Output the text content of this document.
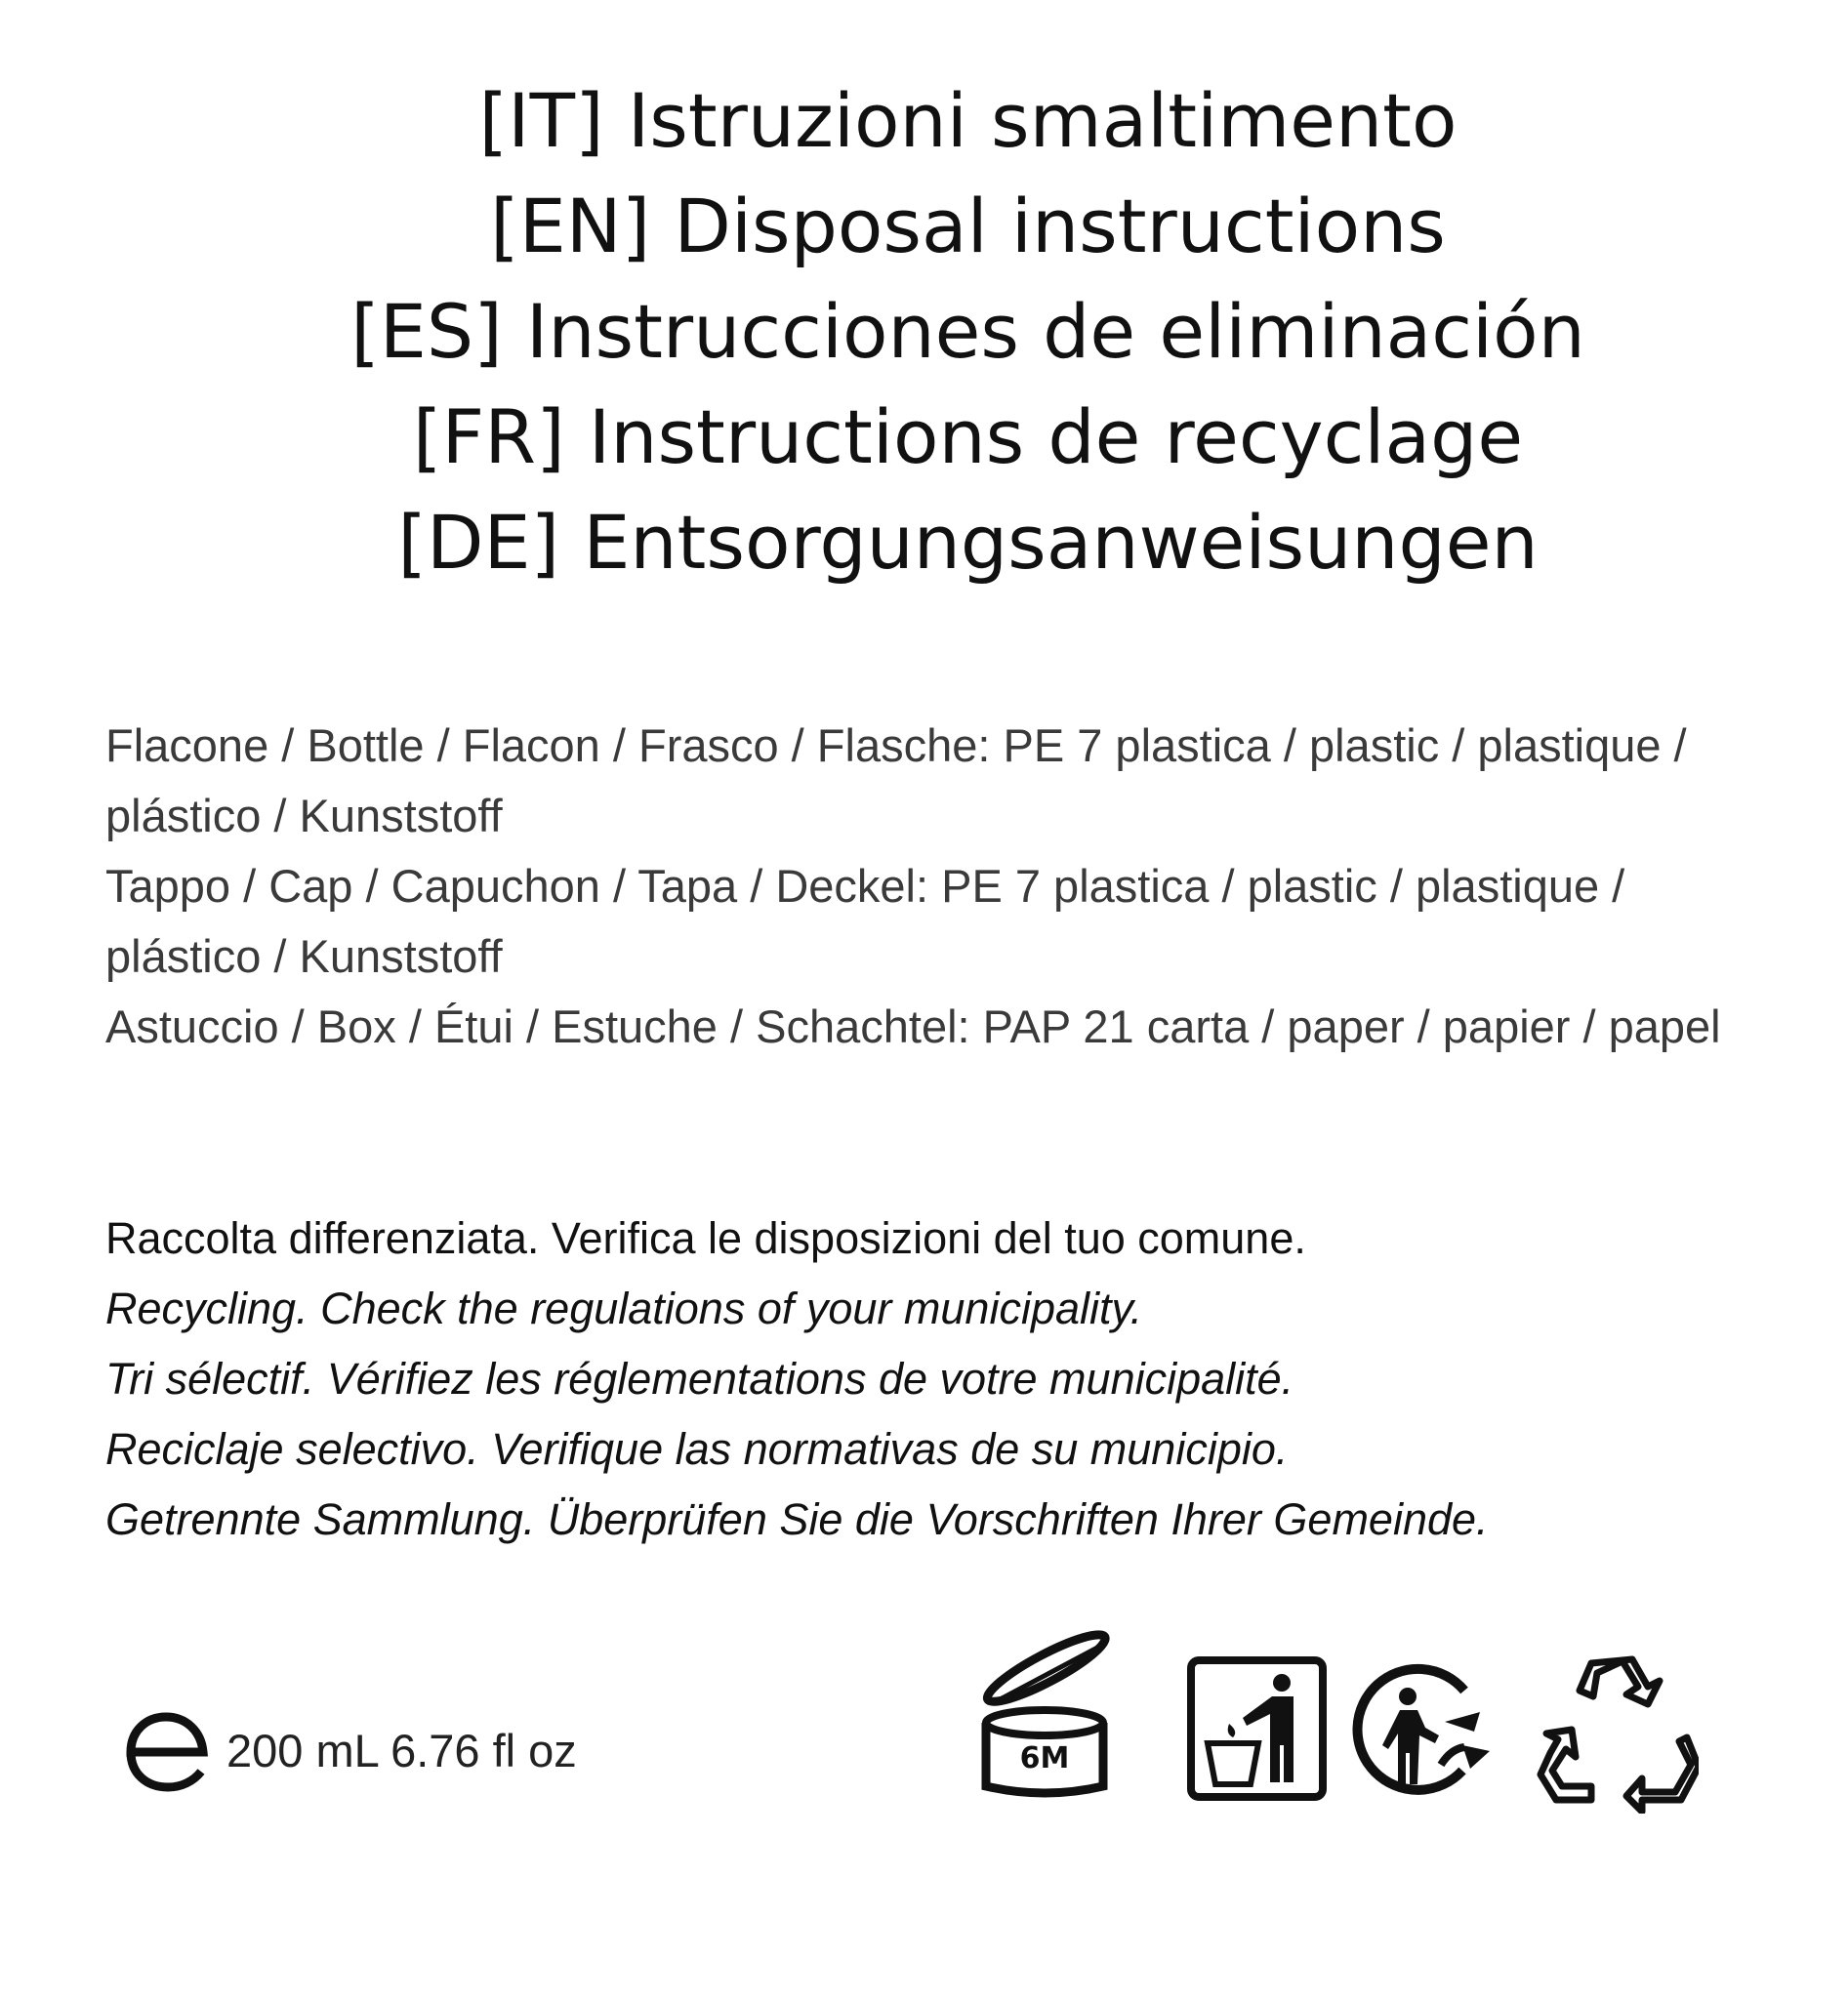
[IT] Istruzioni smaltimento
[EN] Disposal instructions
[ES] Instrucciones de eliminación
[FR] Instructions de recyclage
[DE] Entsorgungsanweisungen

Flacone / Bottle / Flacon / Frasco / Flasche: PE 7 plastica / plastic / plastique / plástico / Kunststoff

Tappo / Cap / Capuchon / Tapa / Deckel: PE 7 plastica / plastic / plastique / plástico / Kunststoff

Astuccio / Box / Étui / Estuche / Schachtel: PAP 21 carta / paper / papier / papel

Raccolta differenziata. Verifica le disposizioni del tuo comune.

Recycling. Check the regulations of your municipality.

Tri sélectif. Vérifiez les réglementations de votre municipalité.

Reciclaje selectivo. Verifique las normativas de su municipio.

Getrennte Sammlung. Überprüfen Sie die Vorschriften Ihrer Gemeinde.

200 mL 6.76 fl oz	6M
